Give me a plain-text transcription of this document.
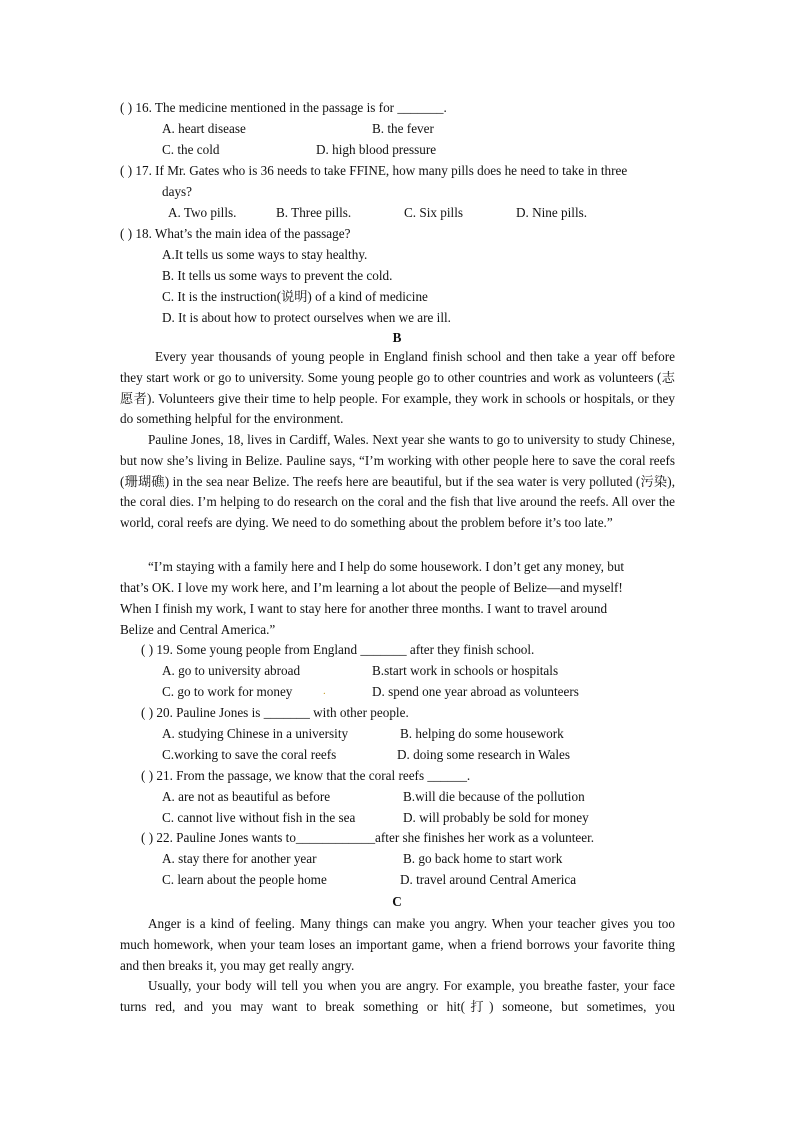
( ) 16. The medicine mentioned in the passage is for _______.
A. heart disease	B. the fever
C. the cold	D. high blood pressure
( ) 17. If Mr. Gates who is 36 needs to take FFINE, how many pills does he need to take in three
days?
A. Two pills.	B. Three pills.	C. Six pills	D. Nine pills.
( ) 18. What’s the main idea of the passage?
A.It tells us some ways to stay healthy.
B. It tells us some ways to prevent the cold.
C. It is the instruction(说明) of a kind of medicine
D. It is about how to protect ourselves when we are ill.
B
Every year thousands of young people in England finish school and then take a year off before they start work or go to university. Some young people go to other countries and work as volunteers (志愿者). Volunteers give their time to help people. For example, they work in schools or hospitals, or they do something helpful for the environment.
Pauline Jones, 18, lives in Cardiff, Wales. Next year she wants to go to university to study Chinese, but now she’s living in Belize. Pauline says, “I’m working with other people here to save the coral reefs (珊瑚礁) in the sea near Belize. The reefs here are beautiful, but if the sea water is very polluted (污染), the coral dies. I’m helping to do research on the coral and the fish that live around the reefs. All over the world, coral reefs are dying. We need to do something about the problem before it’s too late.”
“I’m staying with a family here and I help do some housework. I don’t get any money, but
that’s OK. I love my work here, and I’m learning a lot about the people of Belize—and myself!
When I finish my work, I want to stay here for another three months. I want to travel around
Belize and Central America.”
( ) 19. Some young people from England _______ after they finish school.
A. go to university abroad	B.start work in schools or hospitals
C. go to work for money	.	D. spend one year abroad as volunteers
( ) 20. Pauline Jones is _______ with other people.
A. studying Chinese in a university	B. helping do some housework
C.working to save the coral reefs	D. doing some research in Wales
( ) 21. From the passage, we know that the coral reefs ______.
A. are not as beautiful as before	B.will die because of the pollution
C. cannot live without fish in the sea	D. will probably be sold for money
( ) 22. Pauline Jones wants to____________after she finishes her work as a volunteer.
A. stay there for another year	B. go back home to start work
C. learn about the people home	D. travel around Central America
C
Anger is a kind of feeling. Many things can make you angry. When your teacher gives you too much homework, when your team loses an important game, when a friend borrows your favorite thing and then breaks it, you may get really angry.
Usually, your body will tell you when you are angry. For example, you breathe faster, your face turns red, and you may want to break something or hit(打) someone, but sometimes, you
